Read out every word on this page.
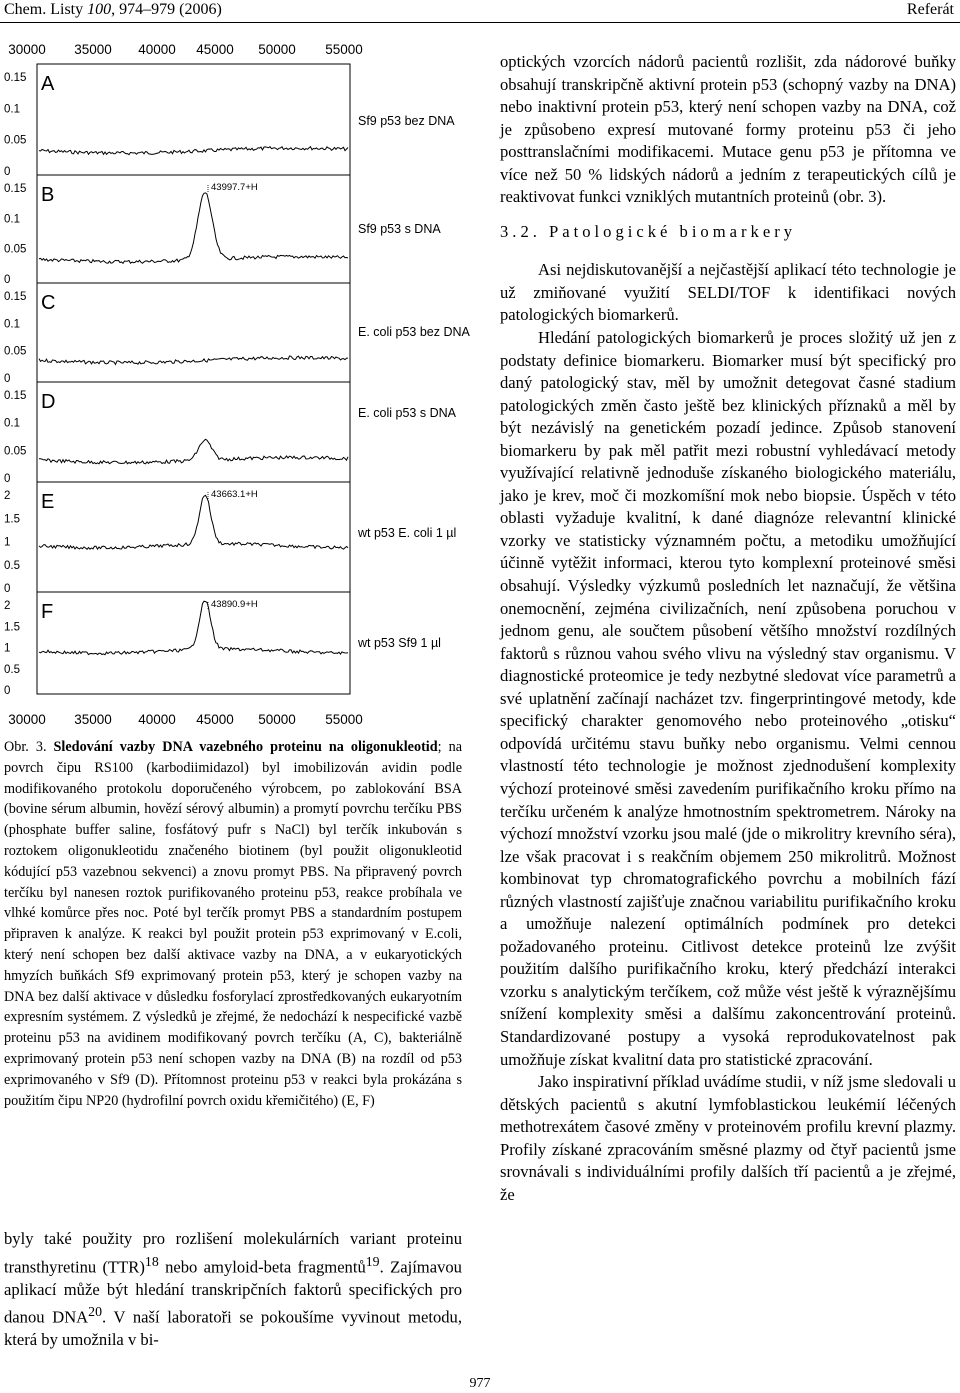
Chem. Listy 100, 974–979 (2006)	Referát
30000 35000 40000 45000 50000 55000
30000 35000 40000 45000 50000 55000
A
Sf9 p53 bez DNA
0.15
0.1
0.05
0
B
Sf9 p53 s DNA
0.15
0.1
0.05
0
43997.7+H
C
E. coli p53 bez DNA
0.15
0.1
0.05
0
D	E. coli p53 s DNA
0.15
0.1
0.05
0
E
wt p53 E. coli 1 µl
2
1.5
1
0.5
0
43663.1+H
F
wt p53 Sf9 1 µl
2
1.5
1
0.5
0
43890.9+H
Obr. 3. Sledování vazby DNA vazebného proteinu na oligonukleotid; na povrch čipu RS100 (karbodiimidazol) byl imobilizován avidin podle modifikovaného protokolu doporučeného výrobcem, po zablokování BSA (bovine sérum albumin, hovězí sérový albumin) a promytí povrchu terčíku PBS (phosphate buffer saline, fosfátový pufr s NaCl) byl terčík inkubován s roztokem oligonukleotidu značeného biotinem (byl použit oligonukleotid kódující p53 vazebnou sekvenci) a znovu promyt PBS. Na připravený povrch terčíku byl nanesen roztok purifikovaného proteinu p53, reakce probíhala ve vlhké komůrce přes noc. Poté byl terčík promyt PBS a standardním postupem připraven k analýze. K reakci byl použit protein p53 exprimovaný v E.coli, který není schopen bez další aktivace vazby na DNA, a v eukaryotických hmyzích buňkách Sf9 exprimovaný protein p53, který je schopen vazby na DNA bez další aktivace v důsledku fosforylací zprostředkovaných eukaryotním expresním systémem. Z výsledků je zřejmé, že nedochází k nespecifické vazbě proteinu p53 na avidinem modifikovaný povrch terčíku (A, C), bakteriálně exprimovaný protein p53 není schopen vazby na DNA (B) na rozdíl od p53 exprimovaného v Sf9 (D). Přítomnost proteinu p53 v reakci byla prokázána s použitím čipu NP20 (hydrofilní povrch oxidu křemičitého) (E, F)
byly také použity pro rozlišení molekulárních variant proteinu transthyretinu (TTR)$^{18}$ nebo amyloid-beta fragmentů$^{19}$. Zajímavou aplikací může být hledání transkripčních faktorů specifických pro danou DNA$^{20}$. V naší laboratoři se pokoušíme vyvinout metodu, která by umožnila v bi-

optických vzorcích nádorů pacientů rozlišit, zda nádorové buňky obsahují transkripčně aktivní protein p53 (schopný vazby na DNA) nebo inaktivní protein p53, který není schopen vazby na DNA, což je způsobeno expresí mutované formy proteinu p53 či jeho posttranslačními modifikacemi. Mutace genu p53 je přítomna ve více než 50 % lidských nádorů a jedním z terapeutických cílů je reaktivovat funkci vzniklých mutantních proteinů (obr. 3).

3.2. Patologické biomarkery

Asi nejdiskutovanější a nejčastější aplikací této technologie je už zmiňované využití SELDI/TOF k identifikaci nových patologických biomarkerů.

Hledání patologických biomarkerů je proces složitý už jen z podstaty definice biomarkeru. Biomarker musí být specifický pro daný patologický stav, měl by umožnit detegovat časné stadium patologických změn často ještě bez klinických příznaků a měl by být nezávislý na genetickém pozadí jedince. Způsob stanovení biomarkeru by pak měl patřit mezi robustní vyhledávací metody využívající relativně jednoduše získaného biologického materiálu, jako je krev, moč či mozkomíšní mok nebo biopsie. Úspěch v této oblasti vyžaduje kvalitní, k dané diagnóze relevantní klinické vzorky ve statisticky významném počtu, a metodiku umožňující účinně vytěžit informaci, kterou tyto komplexní proteinové směsi obsahují. Výsledky výzkumů posledních let naznačují, že většina onemocnění, zejména civilizačních, není způsobena poruchou v jednom genu, ale součtem působení většího množství rozdílných faktorů s různou vahou svého vlivu na výsledný stav organismu. V diagnostické proteomice je tedy nezbytné sledovat více parametrů a své uplatnění začínají nacházet tzv. fingerprintingové metody, kde specifický charakter genomového nebo proteinového „otisku“ odpovídá určitému stavu buňky nebo organismu. Velmi cennou vlastností této technologie je možnost zjednodušení komplexity výchozí proteinové směsi zavedením purifikačního kroku přímo na terčíku určeném k analýze hmotnostním spektrometrem. Nároky na výchozí množství vzorku jsou malé (jde o mikrolitry krevního séra), lze však pracovat i s reakčním objemem 250 mikrolitrů. Možnost kombinovat typ chromatografického povrchu a mobilních fází různých vlastností zajišťuje značnou variabilitu purifikačního kroku a umožňuje nalezení optimálních podmínek pro detekci požadovaného proteinu. Citlivost detekce proteinů lze zvýšit použitím dalšího purifikačního kroku, který předchází interakci vzorku s analytickým terčíkem, což může vést ještě k výraznějšímu snížení komplexity směsi a dalšímu zakoncentrování proteinů. Standardizované postupy a vysoká reprodukovatelnost pak umožňuje získat kvalitní data pro statistické zpracování.

Jako inspirativní příklad uvádíme studii, v níž jsme sledovali u dětských pacientů s akutní lymfoblastickou leukémií léčených methotrexátem časové změny v proteinovém profilu krevní plazmy. Profily získané zpracováním směsné plazmy od čtyř pacientů jsme srovnávali s individuálními profily dalších tří pacientů a je zřejmé, že

977
